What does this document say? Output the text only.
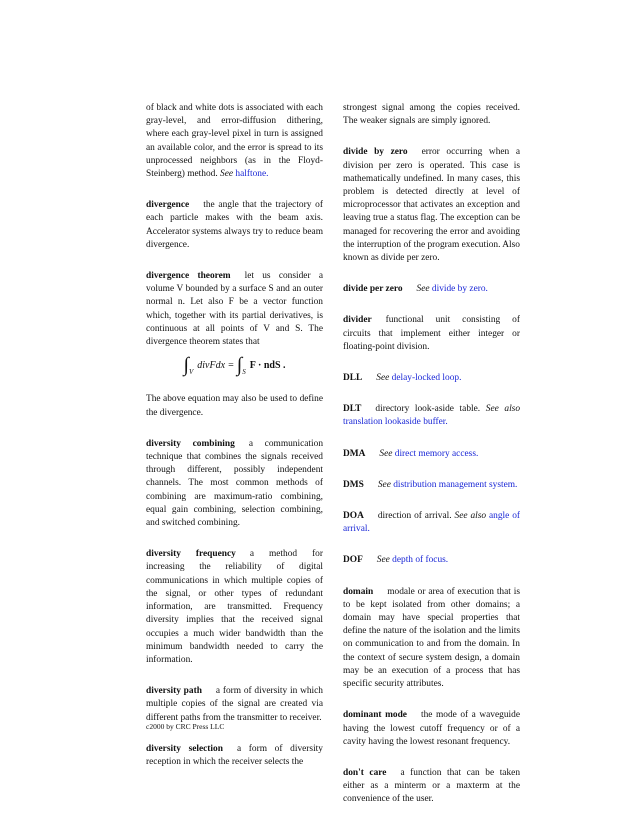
of black and white dots is associated with each gray-level, and error-diffusion dithering, where each gray-level pixel in turn is assigned an available color, and the error is spread to its unprocessed neighbors (as in the Floyd-Steinberg) method. See halftone.

divergence the angle that the trajectory of each particle makes with the beam axis. Accelerator systems always try to reduce beam divergence.

divergence theorem let us consider a volume V bounded by a surface S and an outer normal n. Let also F be a vector function which, together with its partial derivatives, is continuous at all points of V and S. The divergence theorem states that

$\int_VdivFdx = \int_SF$ · ndS .

The above equation may also be used to define the divergence.

diversity combining a communication technique that combines the signals received through different, possibly independent channels. The most common methods of combining are maximum-ratio combining, equal gain combining, selection combining, and switched combining.

diversity frequency a method for increasing the reliability of digital communications in which multiple copies of the signal, or other types of redundant information, are transmitted. Frequency diversity implies that the received signal occupies a much wider bandwidth than the minimum bandwidth needed to carry the information.

diversity path a form of diversity in which multiple copies of the signal are created via different paths from the transmitter to receiver.

diversity selection a form of diversity reception in which the receiver selects the

strongest signal among the copies received. The weaker signals are simply ignored.

divide by zero error occurring when a division per zero is operated. This case is mathematically undefined. In many cases, this problem is detected directly at level of microprocessor that activates an exception and leaving true a status flag. The exception can be managed for recovering the error and avoiding the interruption of the program execution. Also known as divide per zero.

divide per zero See divide by zero.

divider functional unit consisting of circuits that implement either integer or floating-point division.

DLL See delay-locked loop.

DLT directory look-aside table. See also translation lookaside buffer.

DMA See direct memory access.

DMS See distribution management system.

DOA direction of arrival. See also angle of arrival.

DOF See depth of focus.

domain modale or area of execution that is to be kept isolated from other domains; a domain may have special properties that define the nature of the isolation and the limits on communication to and from the domain. In the context of secure system design, a domain may be an execution of a process that has specific security attributes.

dominant mode the mode of a waveguide having the lowest cutoff frequency or of a cavity having the lowest resonant frequency.

don't care a function that can be taken either as a minterm or a maxterm at the convenience of the user.

c2000 by CRC Press LLC
